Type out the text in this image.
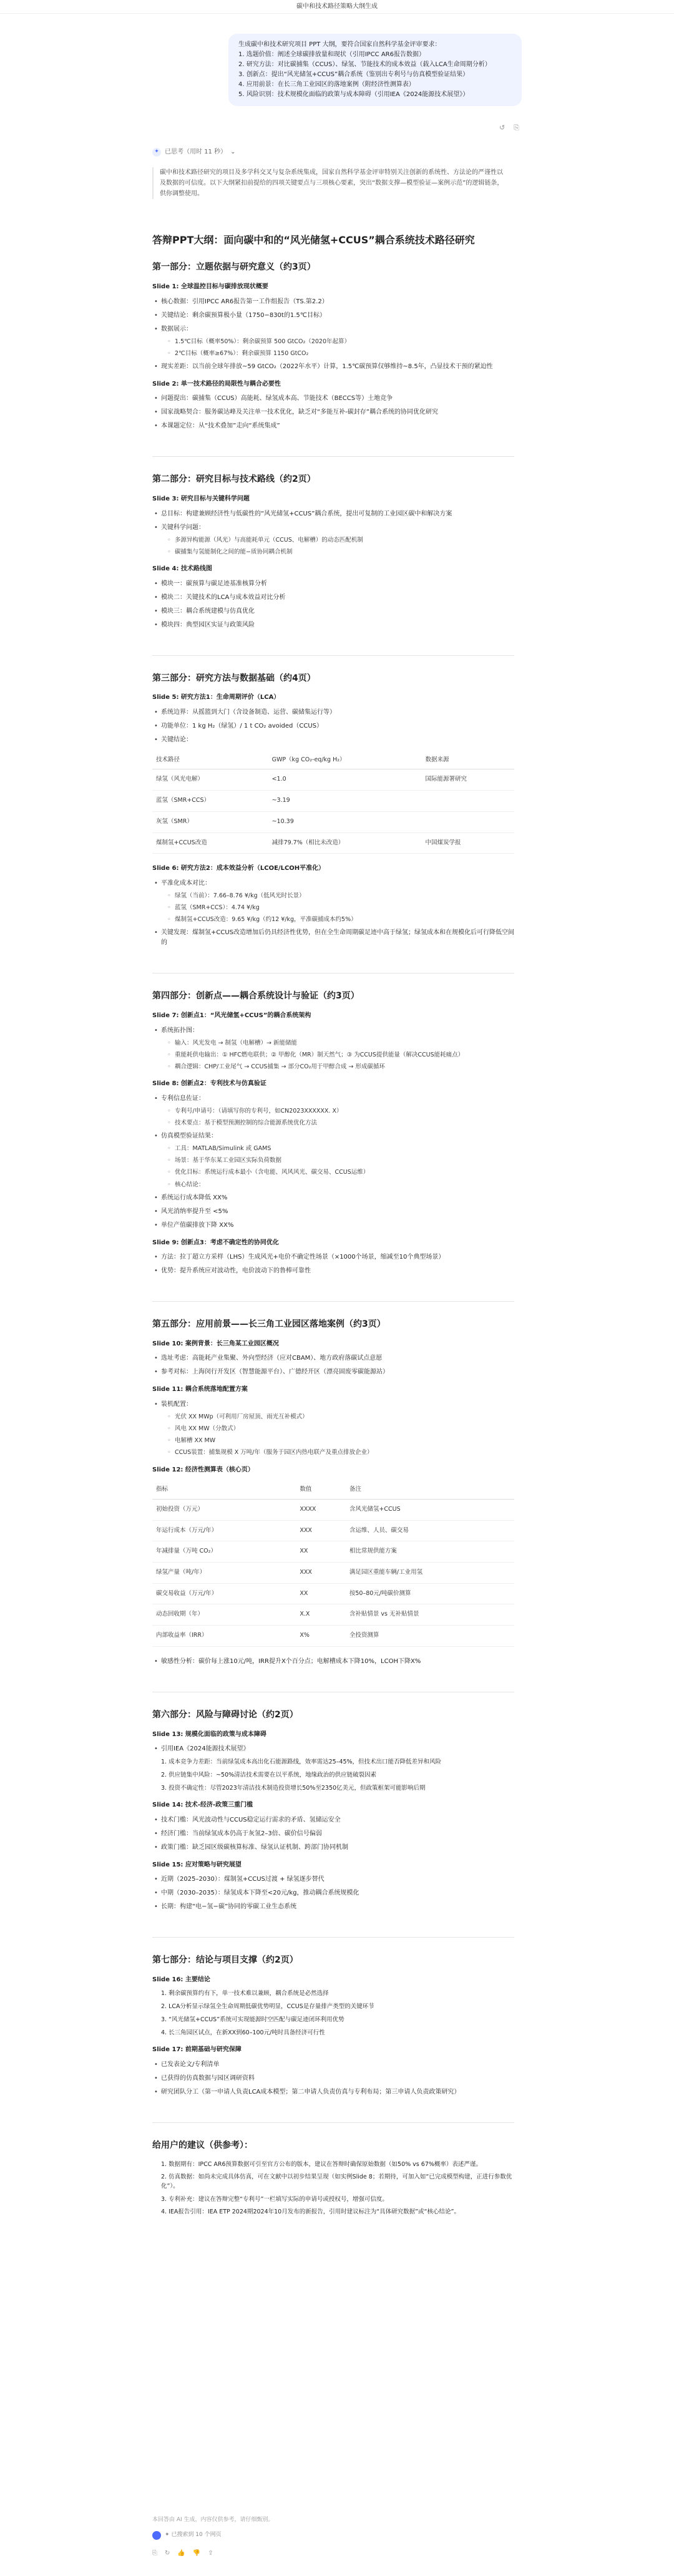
碳中和技术路径策略大纲生成
生成碳中和技术研究项目 PPT 大纲，要符合国家自然科学基金评审要求：
1. 选题价值：阐述全球碳排放量和现状（引用IPCC AR6报告数据）
2. 研究方法：对比碳捕集（CCUS）、绿氢、节能技术的成本效益（载入LCA生命周期分析）
3. 创新点：提出“风光储氢+CCUS”耦合系统（鉴别出专利号与仿真模型验证结果）
4. 应用前景：在长三角工业园区的落地案例（附经济性测算表）
5. 风险识别：技术规模化面临的政策与成本障碍（引用IEA《2024能源技术展望》）
↺ ⎘
✦ 已思考（用时 11 秒） ⌄
碳中和技术路径研究的项目及多学科交叉与复杂系统集成，国家自然科学基金评审特别关注创新的系统性、方法论的严谨性以及数据的可信度。以下大纲紧扣前提给的四项关键要点与三项核心要素，突出“数据支撑—模型验证—案例示范”的逻辑链条，供你调整使用。
答辩PPT大纲：面向碳中和的“风光储氢+CCUS”耦合系统技术路径研究
第一部分：立题依据与研究意义（约3页）
Slide 1: 全球温控目标与碳排放现状概要
• 核心数据：引用IPCC AR6报告第一工作组报告（TS.第2.2）
• 关键结论：剩余碳预算极小量（1750−830t的1.5℃目标）
• 数据展示：
◦ 1.5℃目标（概率50%）：剩余碳预算 500 GtCO₂（2020年起算）
◦ 2℃目标（概率≥67%）：剩余碳预算 1150 GtCO₂
• 现实差距：以当前全球年排放~59 GtCO₂（2022年水平）计算，1.5℃碳预算仅够维持~8.5年，凸显技术干预的紧迫性
Slide 2: 单一技术路径的局限性与耦合必要性
• 问题提出：碳捕集（CCUS）高能耗、绿氢成本高、节能技术（BECCS等）土地竞争
• 国家战略契合：服务碳达峰及关注单一技术优化，缺乏对“多能互补-碳封存”耦合系统的协同优化研究
• 本课题定位：从“技术叠加”走向“系统集成”
第二部分：研究目标与技术路线（约2页）
Slide 3: 研究目标与关键科学问题
• 总目标：构建兼顾经济性与低碳性的“风光储氢+CCUS”耦合系统，提出可复制的工业园区碳中和解决方案
• 关键科学问题：
◦ 多源异构能源（风光）与高能耗单元（CCUS、电解槽）的动态匹配机制
◦ 碳捕集与氢能制化之间的能−质协同耦合机制
Slide 4: 技术路线图
• 模块一：碳预算与碳足迹基准核算分析
• 模块二：关键技术的LCA与成本效益对比分析
• 模块三：耦合系统建模与仿真优化
• 模块四：典型园区实证与政策风险
第三部分：研究方法与数据基础（约4页）
Slide 5: 研究方法1：生命周期评价（LCA）
• 系统边界：从摇篮到大门（含设备制造、运营、碳储集运行等）
• 功能单位：1 kg H₂（绿氢）/ 1 t CO₂ avoided（CCUS）
• 关键结论：
技术路径	GWP（kg CO₂-eq/kg H₂）	数据来源
绿氢（风光电解）	<1.0	国际能源署研究
蓝氢（SMR+CCS）	~3.19	
灰氢（SMR）	~10.39	
煤制氢+CCUS改造	减排79.7%（相比未改造）	中国煤炭学报
Slide 6: 研究方法2：成本效益分析（LCOE/LCOH平准化）
• 平准化成本对比：
◦ 绿氢（当前）：7.66–8.76 ¥/kg（低风光时长景）
◦ 蓝氢（SMR+CCS）：4.74 ¥/kg
◦ 煤制氢+CCUS改造：9.65 ¥/kg（约12 ¥/kg，平准碳捕成本约5%）
• 关键发现：煤制氢+CCUS改造增加后仍具经济性优势，但在全生命周期碳足迹中高于绿氢；绿氢成本和在规模化后可行降低空间的
第四部分：创新点——耦合系统设计与验证（约3页）
Slide 7: 创新点1：“风光储氢+CCUS”的耦合系统架构
• 系统拓扑图：
◦ 输入：风光发电 → 制氢（电解槽）→ 新能储能
◦ 重能耗供电输出：① HFC燃电联供；② 甲醇化（MR）制天然气；③ 为CCUS提供能量（解决CCUS能耗痛点）
◦ 耦合逻辑：CHP/工业尾气 → CCUS捕集 → 部分CO₂用于甲醇合成 → 形成碳循环
Slide 8: 创新点2：专利技术与仿真验证
• 专利信息佐证：
◦ 专利号/申请号：（请填写你的专利号，如CN2023XXXXXX. X）
◦ 技术要点：基于模型预测控制的综合能源系统优化方法
• 仿真模型验证结果：
◦ 工具：MATLAB/Simulink 或 GAMS
◦ 场景：基于华东某工业园区实际负荷数据
◦ 优化目标：系统运行成本最小（含电能、风风风光、碳交易、CCUS运维）
◦ 核心结论：
• 系统运行成本降低 XX%
• 风光消纳率提升至 <5%
• 单位产值碳排放下降 XX%
Slide 9: 创新点3：考虑不确定性的协同优化
• 方法：拉丁超立方采样（LHS）生成风光+电价不确定性场景（×1000个场景，缩减至10个典型场景）
• 优势：提升系统应对波动性，电价波动下的鲁棒可靠性
第五部分：应用前景——长三角工业园区落地案例（约3页）
Slide 10: 案例背景：长三角某工业园区概况
• 选址考虑：高能耗产业集聚、外向型经济（应对CBAM）、地方政府落碳试点意愿
• 参考对标：上海闵行开发区（智慧能源平台）、广德经开区（漂亮固废零碳能源站）
Slide 11: 耦合系统落地配置方案
• 装机配置：
◦ 光伏 XX MWp（可利用厂房屋顶、雨光互补模式）
◦ 风电 XX MW（分散式）
◦ 电解槽 XX MW
◦ CCUS装置：捕集规模 X 万吨/年（服务于园区内热电联产及重点排放企业）
Slide 12: 经济性测算表（核心页）
指标	数值	备注
初始投资（万元）	XXXX	含风光储氢+CCUS
年运行成本（万元/年）	XXX	含运维、人员、碳交易
年减排量（万吨 CO₂）	XX	相比常规供能方案
绿氢产量（吨/年）	XXX	满足园区重能车辆/工业用氢
碳交易收益（万元/年）	XX	按50–80元/吨碳价测算
动态回收期（年）	X.X	含补贴情景 vs 无补贴情景
内部收益率（IRR）	X%	全投资测算
• 敏感性分析：碳价每上涨10元/吨，IRR提升X个百分点；电解槽成本下降10%，LCOH下降X%
第六部分：风险与障碍讨论（约2页）
Slide 13: 规模化面临的政策与成本障碍
• 引用IEA《2024能源技术展望》
1. 成本竞争力差距：当前绿氢成本高出化石能源路线，效率需达25–45%，但技术出口能否降低差异和风险
2. 供应链集中风险：~50%清洁技术需要在以平系统，地缘政治的供应链破裂因素
3. 投资不确定性：尽管2023年清洁技术制造投资增长50%至2350亿美元，但政策框架可能影响后期
Slide 14: 技术-经济-政策三重门槛
• 技术门槛：风光波动性与CCUS稳定运行需求的矛盾、氢储运安全
• 经济门槛：当前绿氢成本仍高于灰氢2–3倍、碳价信号偏弱
• 政策门槛：缺乏园区级碳核算标准、绿氢认证机制、跨部门协同机制
Slide 15: 应对策略与研究展望
• 近期（2025–2030）：煤制氢+CCUS过渡 + 绿氢逐步替代
• 中期（2030–2035）：绿氢成本下降至<20元/kg，推动耦合系统规模化
• 长期：构建“电−氢−碳”协同的零碳工业生态系统
第七部分：结论与项目支撑（约2页）
Slide 16: 主要结论
1. 剩余碳预算约有下，单一技术难以兼顾，耦合系统是必然选择
2. LCA分析显示绿氢全生命周期低碳优势明显，CCUS是存量排产类型的关键环节
3. “风光储氢+CCUS”系统可实现能源时空匹配与碳足迹闭环利用优势
4. 长三角园区试点，在新XX到60–100元/吨时具备经济可行性
Slide 17: 前期基础与研究保障
• 已发表论文/专利清单
• 已获得的仿真数据与园区调研资料
• 研究团队分工（第一申请人负责LCA成本模型；第二申请人负责仿真与专利布局；第三申请人负责政策研究）
给用户的建议（供参考）：
1. 数据期有：IPCC AR6预算数据可引至官方公布的版本，建议在答辩时确保原始数据（如50% vs 67%概率）表述严谨。
2. 仿真数据：如尚未完成具体仿真，可在文献中以初步结果呈现（如实例Slide 8；若期待，可加入如“已完成模型构建，正进行参数优化”）。
3. 专利补充：建议在答辩完整“专利号”一栏填写实际的申请号或授权号，增强可信度。
4. IEA报告引用：IEA ETP 2024期2024年10月发布的新报告，引用时建议标注为“具体研究数据”或“核心结论”。
本回答由 AI 生成，内容仅供参考，请仔细甄别。
✦ 已搜索到 10 个网页
⎘ ↻ 👍 👎 ⇪
